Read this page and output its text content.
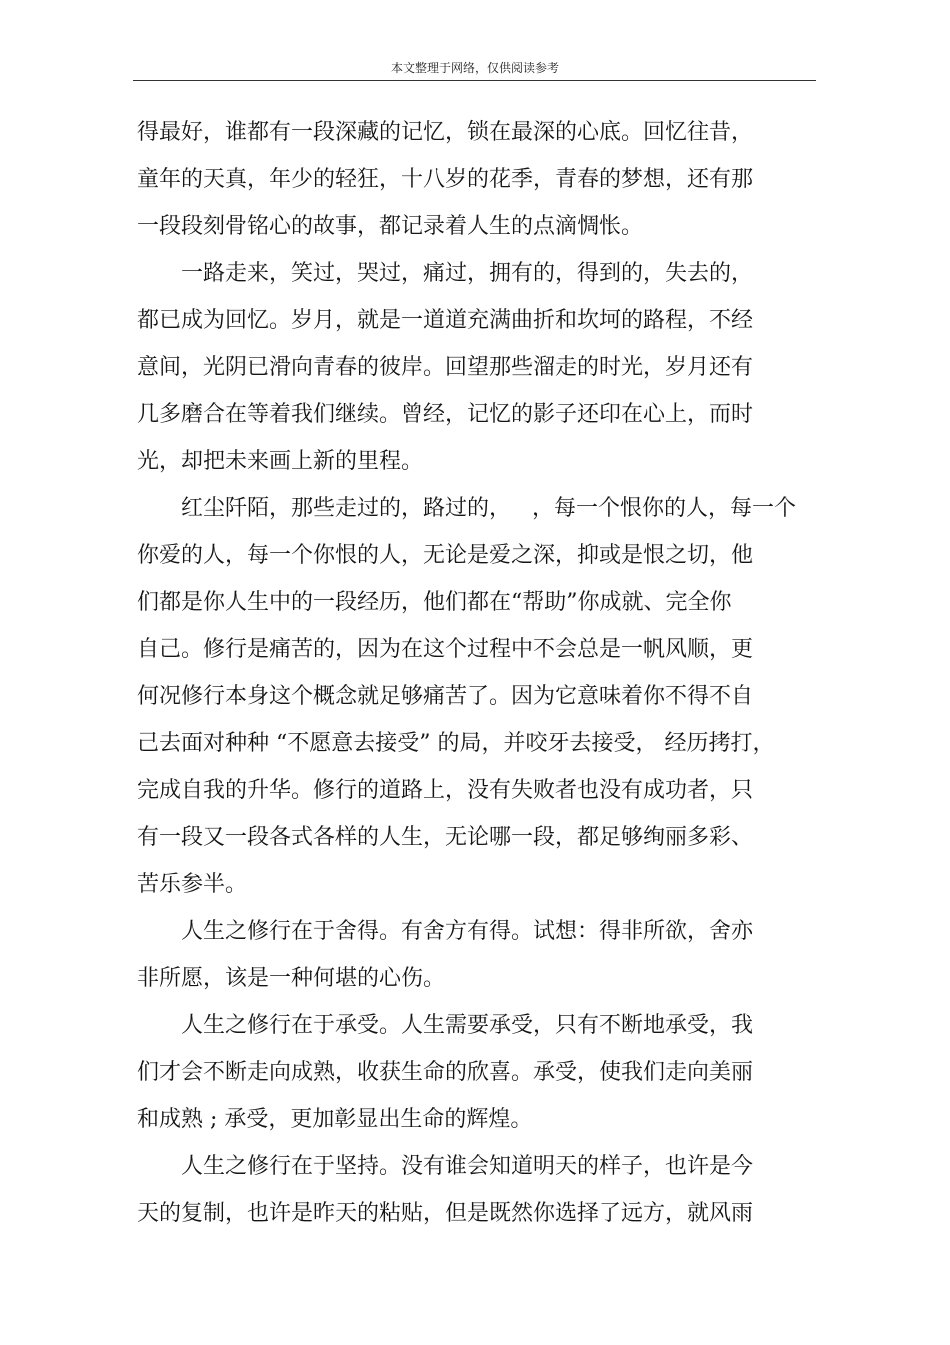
本文整理于网络，仅供阅读参考
得最好，谁都有一段深藏的记忆，锁在最深的心底。回忆往昔，
童年的天真，年少的轻狂，十八岁的花季，青春的梦想，还有那
一段段刻骨铭心的故事，都记录着人生的点滴惆怅。
一路走来，笑过，哭过，痛过，拥有的，得到的，失去的，
都已成为回忆。岁月，就是一道道充满曲折和坎坷的路程，不经
意间，光阴已滑向青春的彼岸。回望那些溜走的时光，岁月还有
几多磨合在等着我们继续。曾经，记忆的影子还印在心上，而时
光，却把未来画上新的里程。
红尘阡陌，那些走过的，路过的，   ，每一个恨你的人，每一个
你爱的人，每一个你恨的人，无论是爱之深，抑或是恨之切，他
们都是你人生中的一段经历，他们都在“帮助”你成就、完全你
自己。修行是痛苦的，因为在这个过程中不会总是一帆风顺，更
何况修行本身这个概念就足够痛苦了。因为它意味着你不得不自
己去面对种种 “不愿意去接受” 的局，并咬牙去接受， 经历拷打，
完成自我的升华。修行的道路上，没有失败者也没有成功者，只
有一段又一段各式各样的人生，无论哪一段，都足够绚丽多彩、
苦乐参半。
人生之修行在于舍得。有舍方有得。试想：得非所欲，舍亦
非所愿，该是一种何堪的心伤。
人生之修行在于承受。人生需要承受，只有不断地承受，我
们才会不断走向成熟，收获生命的欣喜。承受，使我们走向美丽
和成熟 ; 承受，更加彰显出生命的辉煌。
人生之修行在于坚持。没有谁会知道明天的样子，也许是今
天的复制，也许是昨天的粘贴，但是既然你选择了远方，就风雨
